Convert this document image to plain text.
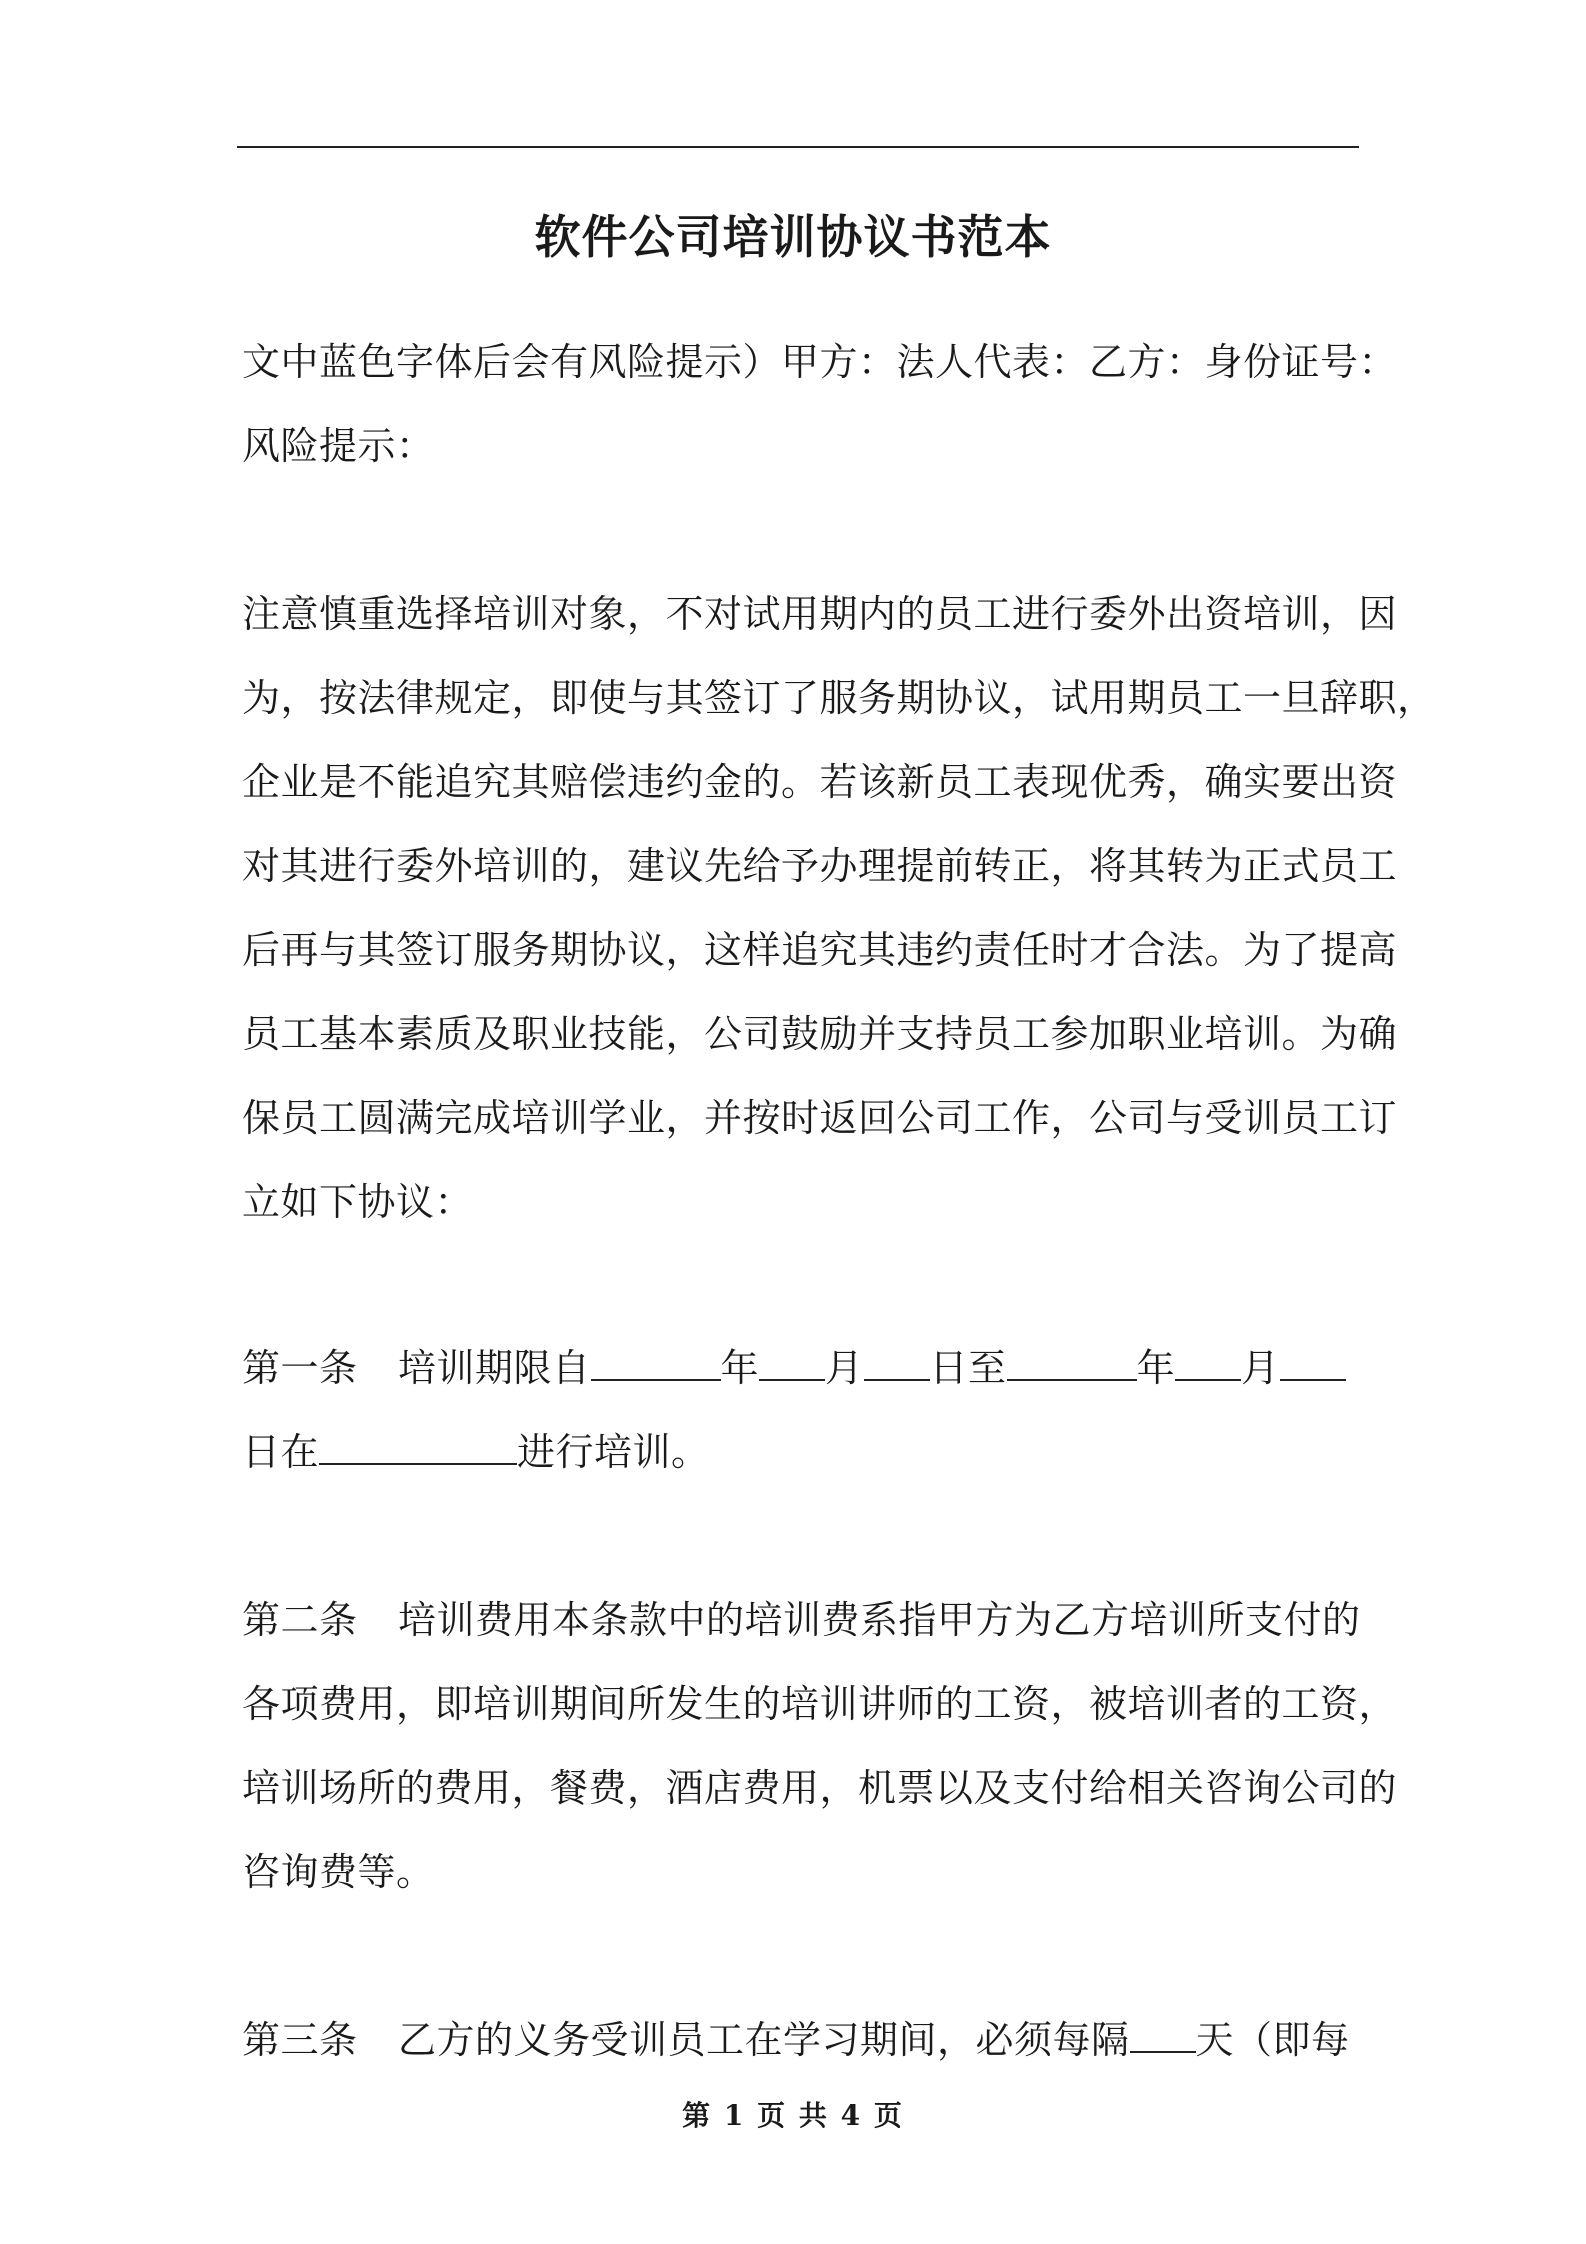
软件公司培训协议书范本
文中蓝色字体后会有风险提示）甲方：法人代表：乙方：身份证号：
风险提示：
注意慎重选择培训对象，不对试用期内的员工进行委外出资培训，因
为，按法律规定，即使与其签订了服务期协议，试用期员工一旦辞职，
企业是不能追究其赔偿违约金的。若该新员工表现优秀，确实要出资
对其进行委外培训的，建议先给予办理提前转正，将其转为正式员工
后再与其签订服务期协议，这样追究其违约责任时才合法。为了提高
员工基本素质及职业技能，公司鼓励并支持员工参加职业培训。为确
保员工圆满完成培训学业，并按时返回公司工作，公司与受训员工订
立如下协议：
第一条 培训期限自	年 月 日至	年 月
日在	进行培训。
第二条 培训费用本条款中的培训费系指甲方为乙方培训所支付的
各项费用，即培训期间所发生的培训讲师的工资，被培训者的工资，
培训场所的费用，餐费，酒店费用，机票以及支付给相关咨询公司的
咨询费等。
第三条 乙方的义务受训员工在学习期间，必须每隔 天（即每
第 1 页 共 4 页
